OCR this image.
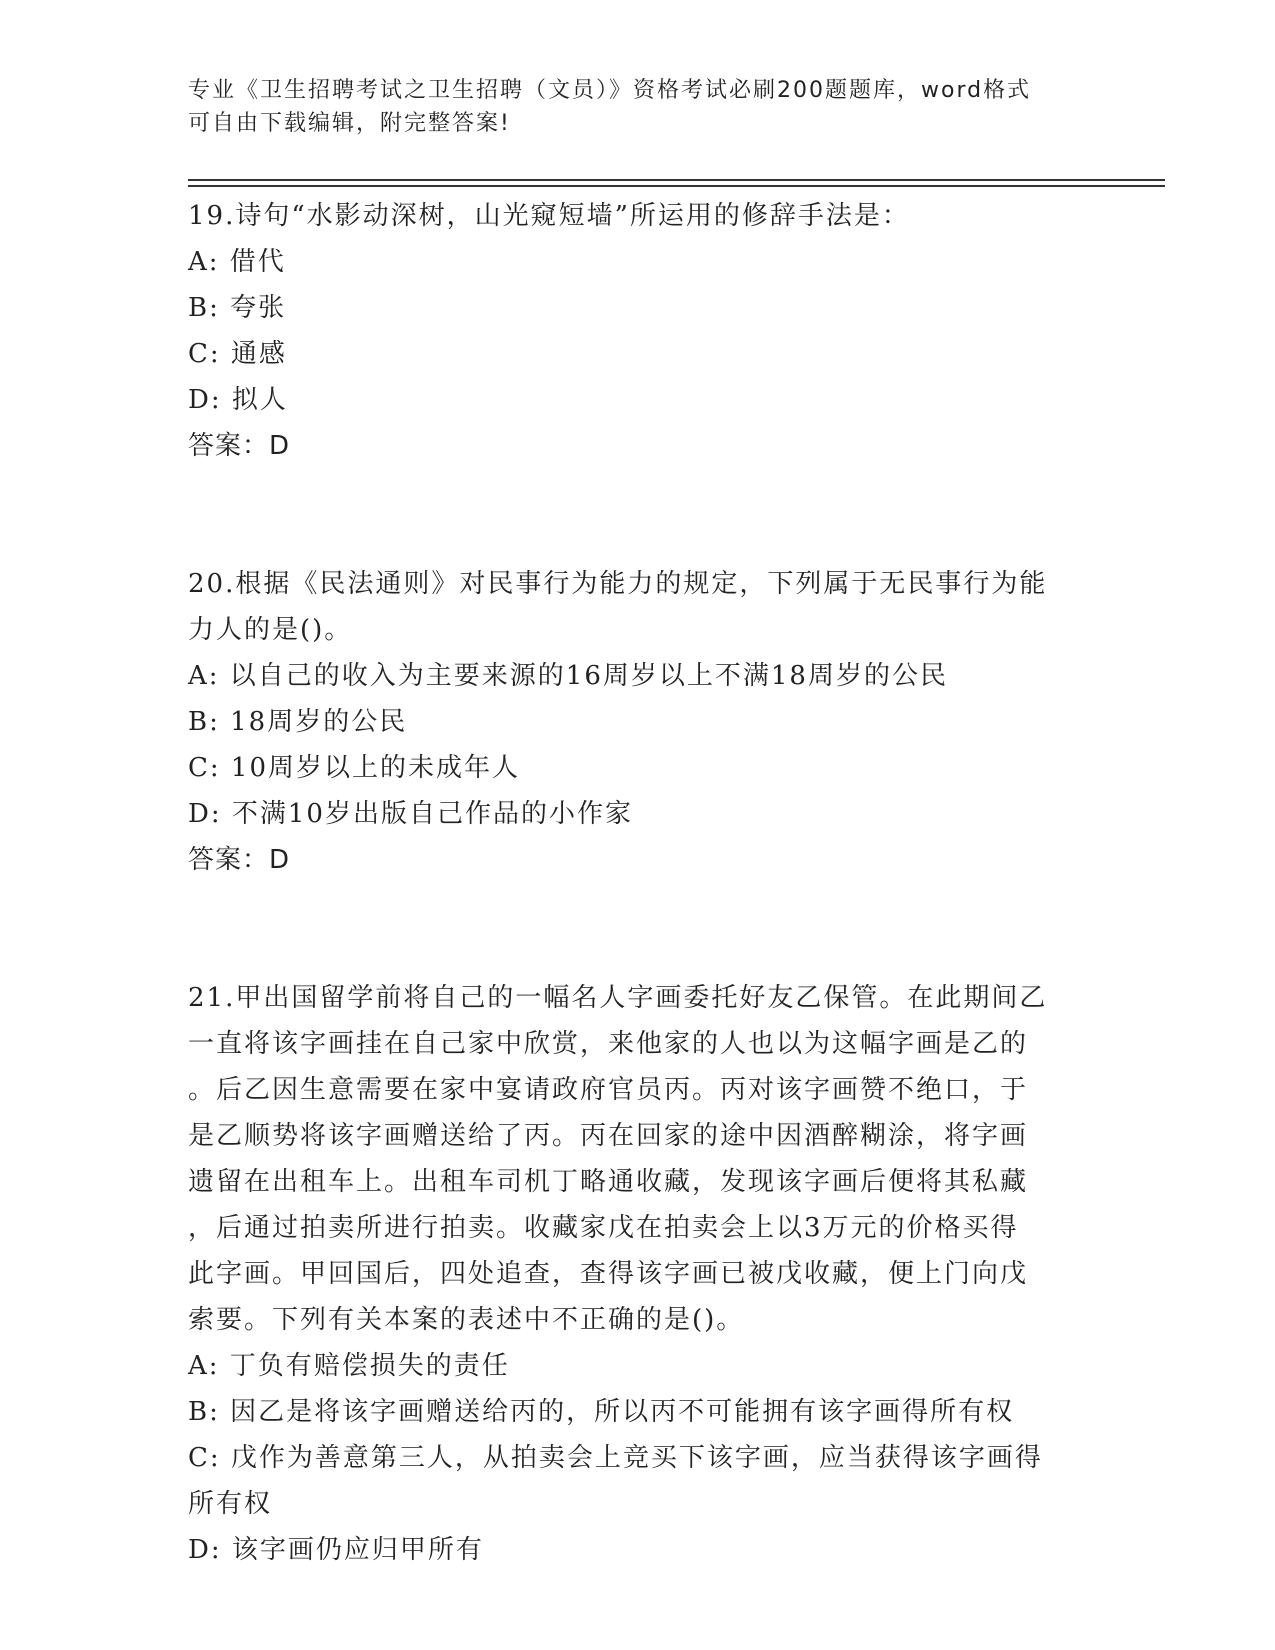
专业《卫生招聘考试之卫生招聘（文员）》资格考试必刷200题题库，word格式
可自由下载编辑，附完整答案!
19.诗句“水影动深树，山光窥短墙”所运用的修辞手法是：
A: 借代
B: 夸张
C: 通感
D: 拟人
答案：D
20.根据《民法通则》对民事行为能力的规定，下列属于无民事行为能
力人的是()。
A: 以自己的收入为主要来源的16周岁以上不满18周岁的公民
B: 18周岁的公民
C: 10周岁以上的未成年人
D: 不满10岁出版自己作品的小作家
答案：D
21.甲出国留学前将自己的一幅名人字画委托好友乙保管。在此期间乙
一直将该字画挂在自己家中欣赏，来他家的人也以为这幅字画是乙的
。后乙因生意需要在家中宴请政府官员丙。丙对该字画赞不绝口，于
是乙顺势将该字画赠送给了丙。丙在回家的途中因酒醉糊涂，将字画
遗留在出租车上。出租车司机丁略通收藏，发现该字画后便将其私藏
，后通过拍卖所进行拍卖。收藏家戊在拍卖会上以3万元的价格买得
此字画。甲回国后，四处追查，查得该字画已被戊收藏，便上门向戊
索要。下列有关本案的表述中不正确的是()。
A: 丁负有赔偿损失的责任
B: 因乙是将该字画赠送给丙的，所以丙不可能拥有该字画得所有权
C: 戊作为善意第三人，从拍卖会上竞买下该字画，应当获得该字画得
所有权
D: 该字画仍应归甲所有
